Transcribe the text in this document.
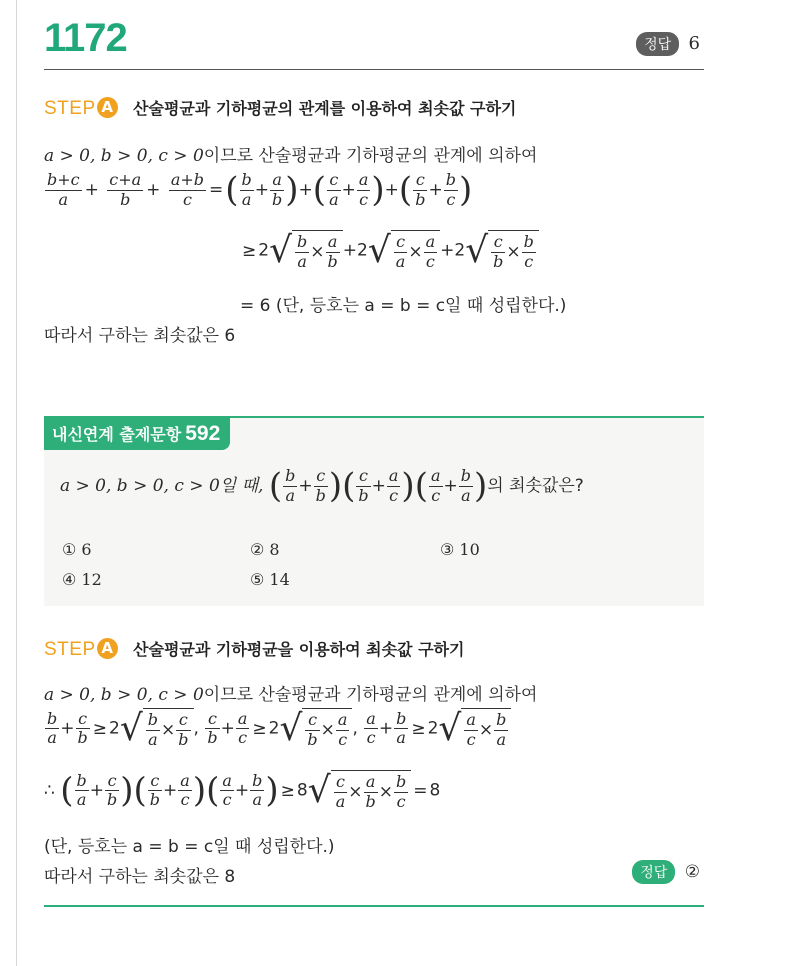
1172	정답 6
STEP A 산술평균과 기하평균의 관계를 이용하여 최솟값 구하기
a > 0, b > 0, c > 0이므로 산술평균과 기하평균의 관계에 의하여
$\frac{b+c}{a} + \frac{c+a}{b} + \frac{a+b}{c}$ =( $\frac{b}{a} + \frac{a}{b}$ )+( $\frac{c}{a} + \frac{a}{c}$ )+( $\frac{c}{b} + \frac{b}{c}$ )
≥ $2√ \frac{b}{a} \times \frac{a}{b} +2√ \frac{c}{a} \times \frac{a}{c} +2√ \frac{c}{b} \times \frac{b}{c}$
= 6 (단, 등호는 a = b = c일 때 성립한다.)
따라서 구하는 최솟값은 6
내신연계 출제문항 592
a > 0, b > 0, c > 0일 때, ( $\frac{b}{a} + \frac{c}{b}$ )( $\frac{c}{b} + \frac{a}{c}$ )( $\frac{a}{c} + \frac{b}{a}$ )의 최솟값은?
① 6	② 8	③ 10
④ 12	⑤ 14
STEP A 산술평균과 기하평균을 이용하여 최솟값 구하기
a > 0, b > 0, c > 0이므로 산술평균과 기하평균의 관계에 의하여
$\frac{b}{a} + \frac{c}{b} \ge 2√ \frac{b}{a} \times \frac{c}{b}$ , $\frac{c}{b} + \frac{a}{c} \ge 2√ \frac{c}{b} \times \frac{a}{c}$ , $\frac{a}{c} + \frac{b}{a} \ge 2√ \frac{a}{c} \times \frac{b}{a}$
∴ ( $\frac{b}{a} + \frac{c}{b}$ )( $\frac{c}{b} + \frac{a}{c}$ )( $\frac{a}{c} + \frac{b}{a}$ ) ≥ $8√ \frac{c}{a} \times \frac{a}{b} \times \frac{b}{c} = 8$
(단, 등호는 a = b = c일 때 성립한다.)
따라서 구하는 최솟값은 8	정답 ②
